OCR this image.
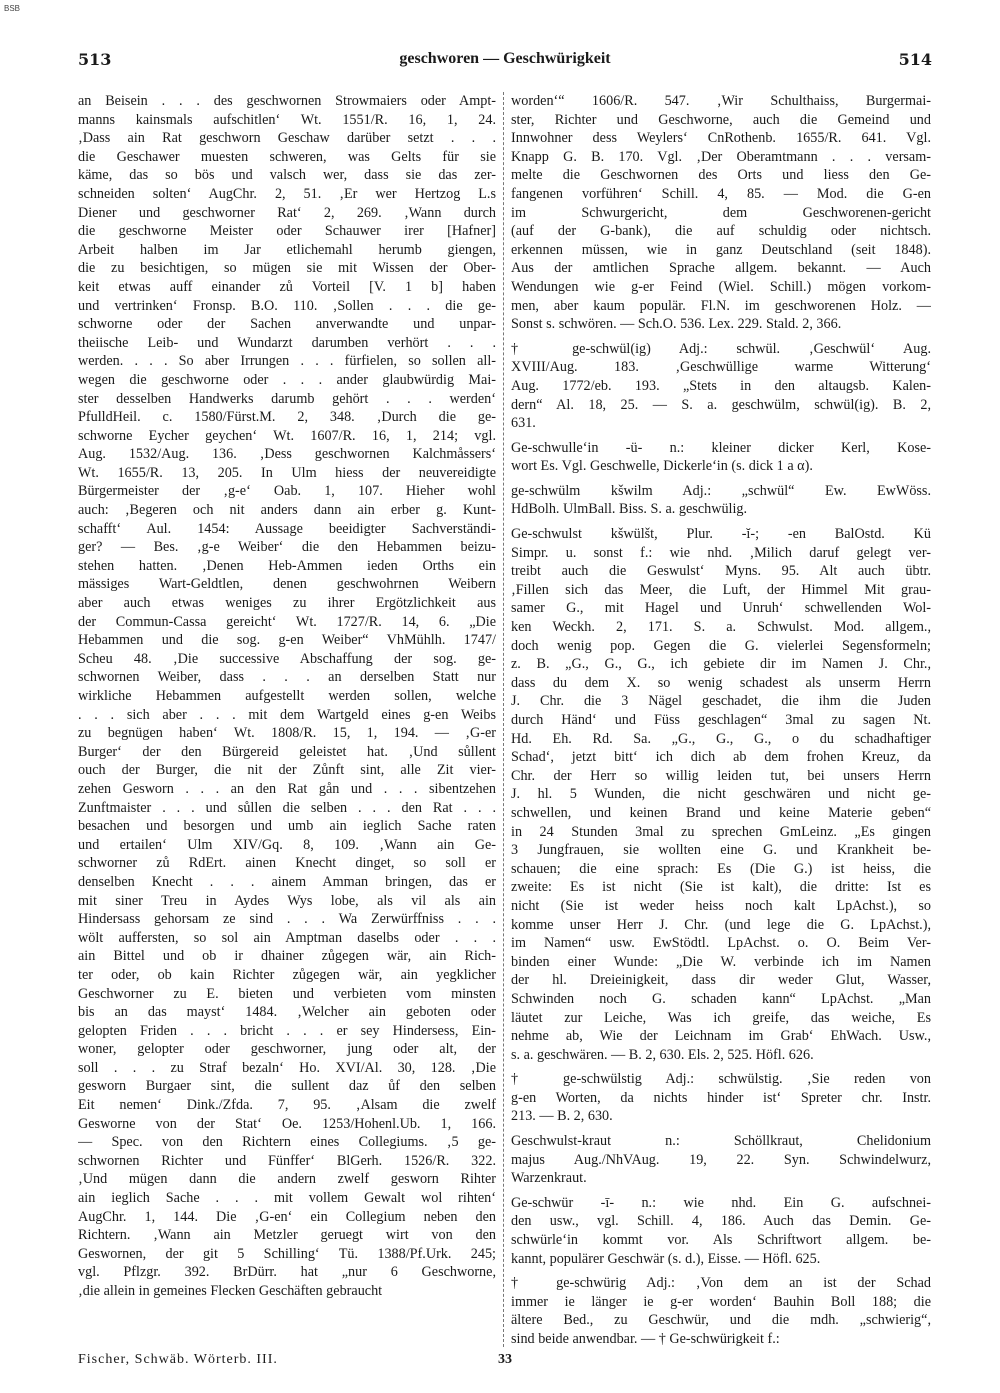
BSB
513	geschworen — Geschwürigkeit	514
an Beisein . . . des geschwornen Strowmaiers oder Ampt-
manns kainsmals aufschitlen‘ Wt. 1551/R. 16, 1, 24.
‚Dass ain Rat geschworn Geschaw darüber setzt . . .
die Geschawer muesten schweren, was Gelts für sie
käme, das so bös und valsch wer, dass sie das zer-
schneiden solten‘ AugChr. 2, 51. ‚Er wer Hertzog L.s
Diener und geschworner Rat‘ 2, 269. ‚Wann durch
die geschworne Meister oder Schauwer irer [Hafner]
Arbeit halben im Jar etlichemahl herumb giengen,
die zu besichtigen, so mügen sie mit Wissen der Ober-
keit etwas auff einander zů Vorteil [V. 1 b] haben
und vertrinken‘ Fronsp. B.O. 110. ‚Sollen . . . die ge-
schworne oder der Sachen anverwandte und unpar-
theiische Leib- und Wundarzt darumben verhört . . .
werden. . . . So aber Irrungen . . . fürfielen, so sollen all-
wegen die geschworne oder . . . ander glaubwürdig Mai-
ster desselben Handwerks darumb gehört . . . werden‘
PfulldHeil. c. 1580/Fürst.M. 2, 348. ‚Durch die ge-
schworne Eycher geychen‘ Wt. 1607/R. 16, 1, 214; vgl.
Aug. 1532/Aug. 136. ‚Dess geschwornen Kalchmåssers‘
Wt. 1655/R. 13, 205. In Ulm hiess der neuvereidigte
Bürgermeister der ‚g-e‘ Oab. 1, 107. Hieher wohl
auch: ‚Begeren och nit anders dann ain erber g. Kunt-
schafft‘ Aul. 1454: Aussage beeidigter Sachverständi-
ger? — Bes. ‚g-e Weiber‘ die den Hebammen beizu-
stehen hatten. ‚Denen Heb-Ammen ieden Orths ein
mässiges Wart-Geldtlen, denen geschwohrnen Weibern
aber auch etwas weniges zu ihrer Ergötzlichkeit aus
der Commun-Cassa gereicht‘ Wt. 1727/R. 14, 6. „Die
Hebammen und die sog. g-en Weiber“ VhMühlh. 1747/
Scheu 48. ‚Die successive Abschaffung der sog. ge-
schwornen Weiber, dass . . . an derselben Statt nur
wirkliche Hebammen aufgestellt werden sollen, welche
. . . sich aber . . . mit dem Wartgeld eines g-en Weibs
zu begnügen haben‘ Wt. 1808/R. 15, 1, 194. — ‚G-er
Burger‘ der den Bürgereid geleistet hat. ‚Und sůllent
ouch der Burger, die nit der Zůnft sint, alle Zit vier-
zehen Gesworn . . . an den Rat gån und . . . sibentzehen
Zunftmaister . . . und sůllen die selben . . . den Rat . . .
besachen und besorgen und umb ain ieglich Sache raten
und ertailen‘ Ulm XIV/Gq. 8, 109. ‚Wann ain Ge-
schworner zů RdErt. ainen Knecht dinget, so soll er
denselben Knecht . . . ainem Amman bringen, das er
mit siner Treu in Aydes Wys lobe, als vil als ain
Hindersass gehorsam ze sind . . . Wa Zerwürffniss . . .
wölt auffersten, so sol ain Amptman daselbs oder . . .
ain Bittel und ob ir dhainer zůgegen wär, ain Rich-
ter oder, ob kain Richter zůgegen wär, ain yegklicher
Geschworner zu E. bieten und verbieten vom minsten
bis an das mayst‘ 1484. ‚Welcher ain geboten oder
gelopten Friden . . . bricht . . . er sey Hindersess, Ein-
woner, gelopter oder geschworner, jung oder alt, der
soll . . . zu Straf bezaln‘ Ho. XVI/Al. 30, 128. ‚Die
gesworn Burgaer sint, die sullent daz ůf den selben
Eit nemen‘ Dink./Zfda. 7, 95. ‚Alsam die zwelf
Gesworne von der Stat‘ Oe. 1253/Hohenl.Ub. 1, 166.
— Spec. von den Richtern eines Collegiums. ‚5 ge-
schwornen Richter und Fünffer‘ BlGerh. 1526/R. 322.
‚Und mügen dann die andern zwelf gesworn Rihter
ain ieglich Sache . . . mit vollem Gewalt wol rihten‘
AugChr. 1, 144. Die ‚G-en‘ ein Collegium neben den
Richtern. ‚Wann ain Metzler geruegt wirt von den
Geswornen, der git 5 Schilling‘ Tü. 1388/Pf.Urk. 245;
vgl. Pflzgr. 392. BrDürr. hat „nur 6 Geschworne,
‚die allein in gemeines Flecken Geschäften gebraucht
worden‘“ 1606/R. 547. ‚Wir Schulthaiss, Burgermai-
ster, Richter und Geschworne, auch die Gemeind und
Innwohner dess Weylers‘ CnRothenb. 1655/R. 641. Vgl.
Knapp G. B. 170. Vgl. ‚Der Oberamtmann . . . versam-
melte die Geschwornen des Orts und liess den Ge-
fangenen vorführen‘ Schill. 4, 85. — Mod. die G-en
im Schwurgericht, dem Geschworenen-gericht
(auf der G-bank), die auf schuldig oder nichtsch.
erkennen müssen, wie in ganz Deutschland (seit 1848).
Aus der amtlichen Sprache allgem. bekannt. — Auch
Wendungen wie g-er Feind (Wiel. Schill.) mögen vorkom-
men, aber kaum populär. Fl.N. im geschworenen Holz. —
Sonst s. schwören. — Sch.O. 536. Lex. 229. Stald. 2, 366.
† ge-schwül(ig) Adj.: schwül. ‚Geschwül‘ Aug.
XVIII/Aug. 183. ‚Geschwüllige warme Witterung‘
Aug. 1772/eb. 193. „Stets in den altaugsb. Kalen-
dern“ Al. 18, 25. — S. a. geschwülm, schwül(ig). B. 2,
631.
Ge-schwulle‘in -ü- n.: kleiner dicker Kerl, Kose-
wort Es. Vgl. Geschwelle, Dickerle‘in (s. dick 1 a α).
ge-schwülm kšwilm Adj.: „schwül“ Ew. EwWöss.
HdBolh. UlmBall. Biss. S. a. geschwülig.
Ge-schwulst kšwülšt, Plur. -ĭ-; -en BalOstd. Kü
Simpr. u. sonst f.: wie nhd. ‚Milich daruf gelegt ver-
treibt auch die Geswulst‘ Myns. 95. Alt auch übtr.
‚Fillen sich das Meer, die Luft, der Himmel Mit grau-
samer G., mit Hagel und Unruh‘ schwellenden Wol-
ken Weckh. 2, 171. S. a. Schwulst. Mod. allgem.,
doch wenig pop. Gegen die G. vielerlei Segensformeln;
z. B. „G., G., G., ich gebiete dir im Namen J. Chr.,
dass du dem X. so wenig schadest als unserm Herrn
J. Chr. die 3 Nägel geschadet, die ihm die Juden
durch Händ‘ und Füss geschlagen“ 3mal zu sagen Nt.
Hd. Eh. Rd. Sa. „G., G., G., o du schadhaftiger
Schad‘, jetzt bitt‘ ich dich ab dem frohen Kreuz, da
Chr. der Herr so willig leiden tut, bei unsers Herrn
J. hl. 5 Wunden, die nicht geschwären und nicht ge-
schwellen, und keinen Brand und keine Materie geben“
in 24 Stunden 3mal zu sprechen GmLeinz. „Es gingen
3 Jungfrauen, sie wollten eine G. und Krankheit be-
schauen; die eine sprach: Es (Die G.) ist heiss, die
zweite: Es ist nicht (Sie ist kalt), die dritte: Ist es
nicht (Sie ist weder heiss noch kalt LpAchst.), so
komme unser Herr J. Chr. (und lege die G. LpAchst.),
im Namen“ usw. EwStödtl. LpAchst. o. O. Beim Ver-
binden einer Wunde: „Die W. verbinde ich im Namen
der hl. Dreieinigkeit, dass dir weder Glut, Wasser,
Schwinden noch G. schaden kann“ LpAchst. „Man
läutet zur Leiche, Was ich greife, das weiche, Es
nehme ab, Wie der Leichnam im Grab‘ EhWach. Usw.,
s. a. geschwären. — B. 2, 630. Els. 2, 525. Höfl. 626.
† ge-schwülstig Adj.: schwülstig. ‚Sie reden von
g-en Worten, da nichts hinder ist‘ Spreter chr. Instr.
213. — B. 2, 630.
Geschwulst-kraut n.: Schöllkraut, Chelidonium
majus Aug./NhVAug. 19, 22. Syn. Schwindelwurz,
Warzenkraut.
Ge-schwür -ī- n.: wie nhd. Ein G. aufschnei-
den usw., vgl. Schill. 4, 186. Auch das Demin. Ge-
schwürle‘in kommt vor. Als Schriftwort allgem. be-
kannt, populärer Geschwär (s. d.), Eisse. — Höfl. 625.
† ge-schwürig Adj.: ‚Von dem an ist der Schad
immer ie länger ie g-er worden‘ Bauhin Boll 188; die
ältere Bed., zu Geschwür, und die mdh. „schwierig“,
sind beide anwendbar. — † Ge-schwürigkeit f.:
Fischer, Schwäb. Wörterb. III.	33
